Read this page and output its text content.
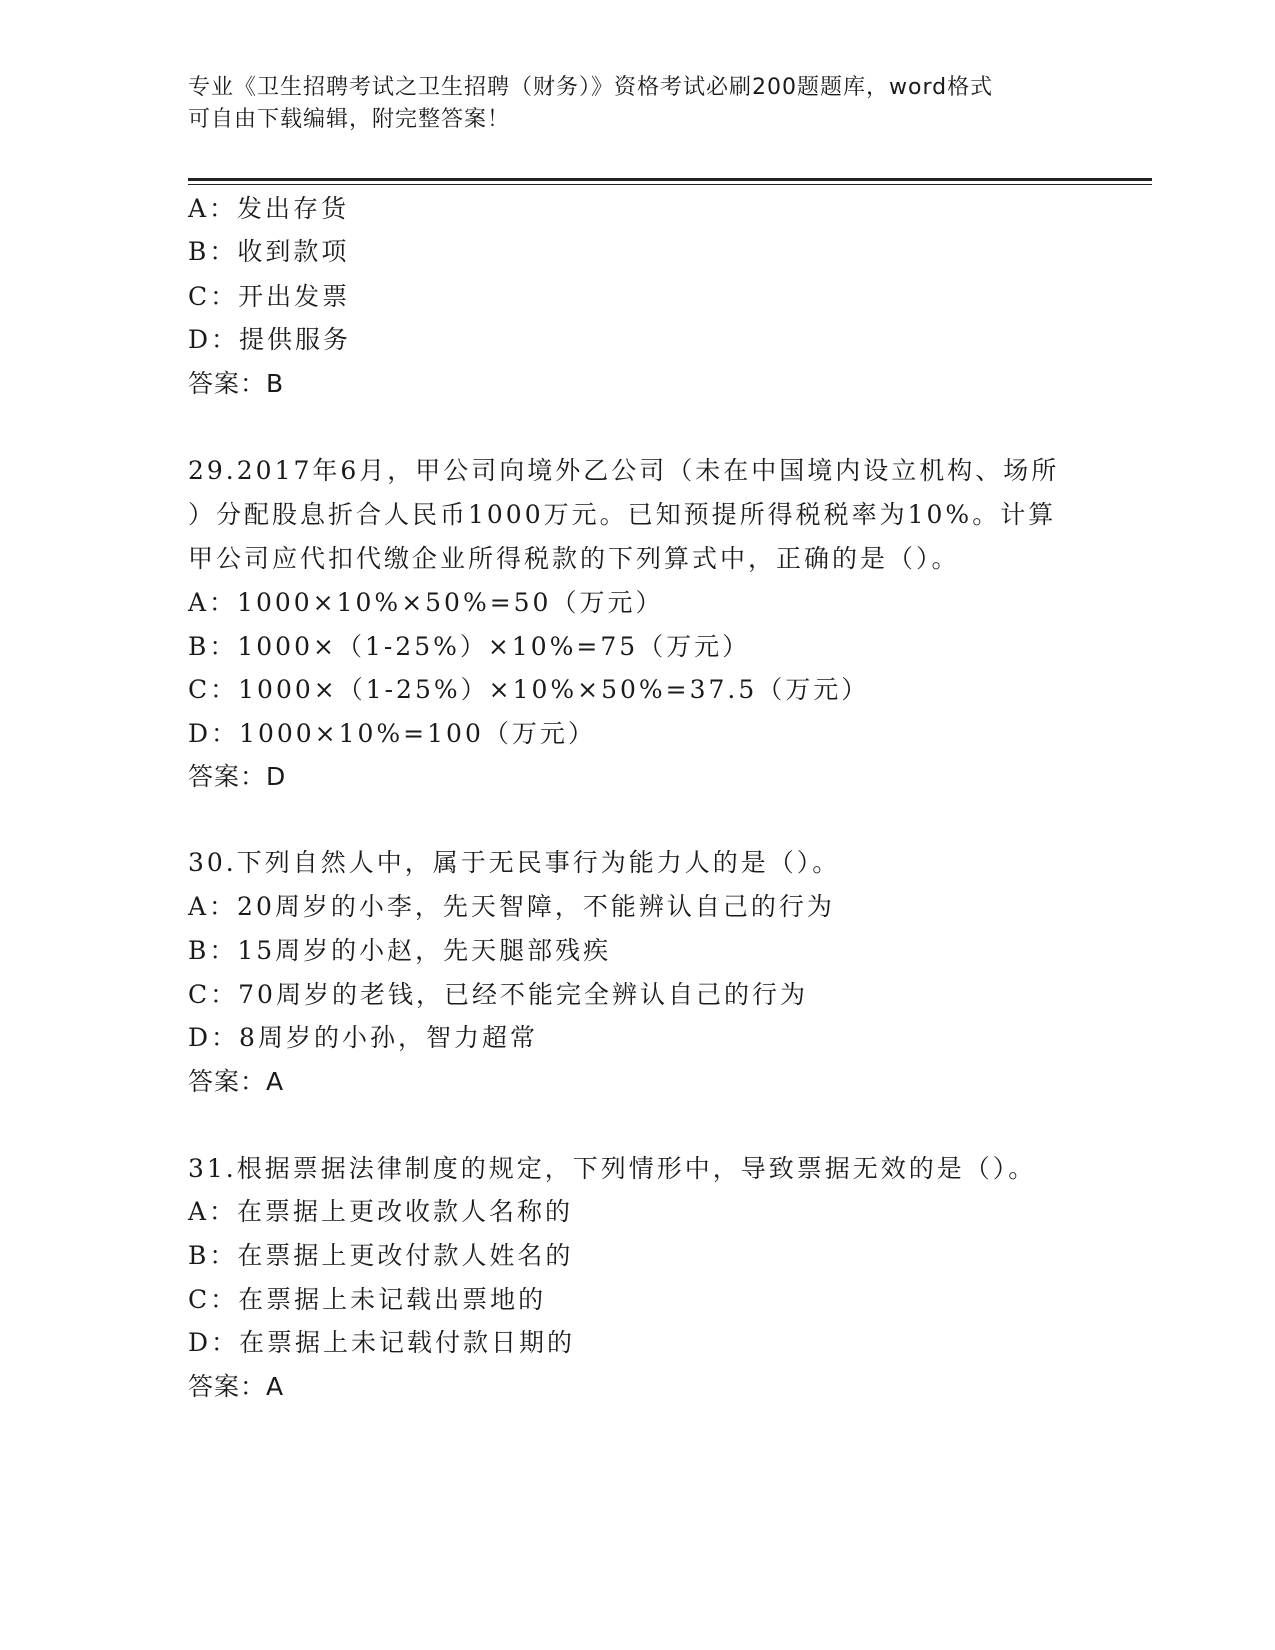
专业《卫生招聘考试之卫生招聘（财务）》资格考试必刷200题题库，word格式
可自由下载编辑，附完整答案！
A：发出存货
B：收到款项
C：开出发票
D：提供服务
答案：B
29.2017年6月，甲公司向境外乙公司（未在中国境内设立机构、场所
）分配股息折合人民币1000万元。已知预提所得税税率为10%。计算
甲公司应代扣代缴企业所得税款的下列算式中，正确的是（）。
A：1000×10%×50%=50（万元）
B：1000×（1-25%）×10%=75（万元）
C：1000×（1-25%）×10%×50%=37.5（万元）
D：1000×10%=100（万元）
答案：D
30.下列自然人中，属于无民事行为能力人的是（）。
A：20周岁的小李，先天智障，不能辨认自己的行为
B：15周岁的小赵，先天腿部残疾
C：70周岁的老钱，已经不能完全辨认自己的行为
D：8周岁的小孙，智力超常
答案：A
31.根据票据法律制度的规定，下列情形中，导致票据无效的是（）。
A：在票据上更改收款人名称的
B：在票据上更改付款人姓名的
C：在票据上未记载出票地的
D：在票据上未记载付款日期的
答案：A
